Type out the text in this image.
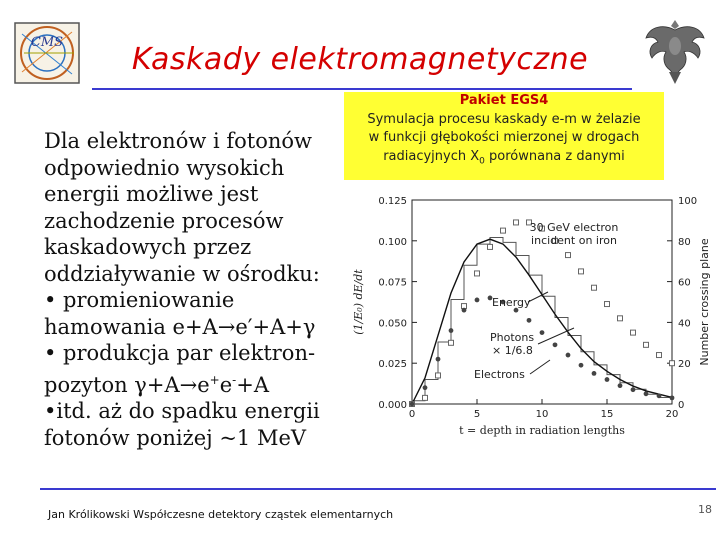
CMS	Kaskady elektromagnetyczne

Dla elektronów i fotonów

odpowiednio wysokich

energii możliwe jest

zachodzenie procesów

kaskadowych przez

oddziaływanie w ośrodku:

• promieniowanie

hamowania e+A→e′+A+γ

• produkcja par elektron-

pozyton γ+A→e+e-+A

•itd. aż do spadku energii

fotonów poniżej ~1 MeV

Pakiet EGS4
Symulacja procesu kaskady e-m w żelazie
w funkcji głębokości mierzonej w drogach
radiacyjnych $X_0$ porównana z danymi
0.000
0.025
0.050
0.075
0.100
0.125
0
20
40
60
80
100
0	5	10	15	20
t = depth in radiation lengths
(1/E₀) dE/dt	Number crossing plane
30 GeV electron
incident on iron
Energy
Photons
× 1/6.8
Electrons
Jan Królikowski Współczesne detektory cząstek elementarnych	18
